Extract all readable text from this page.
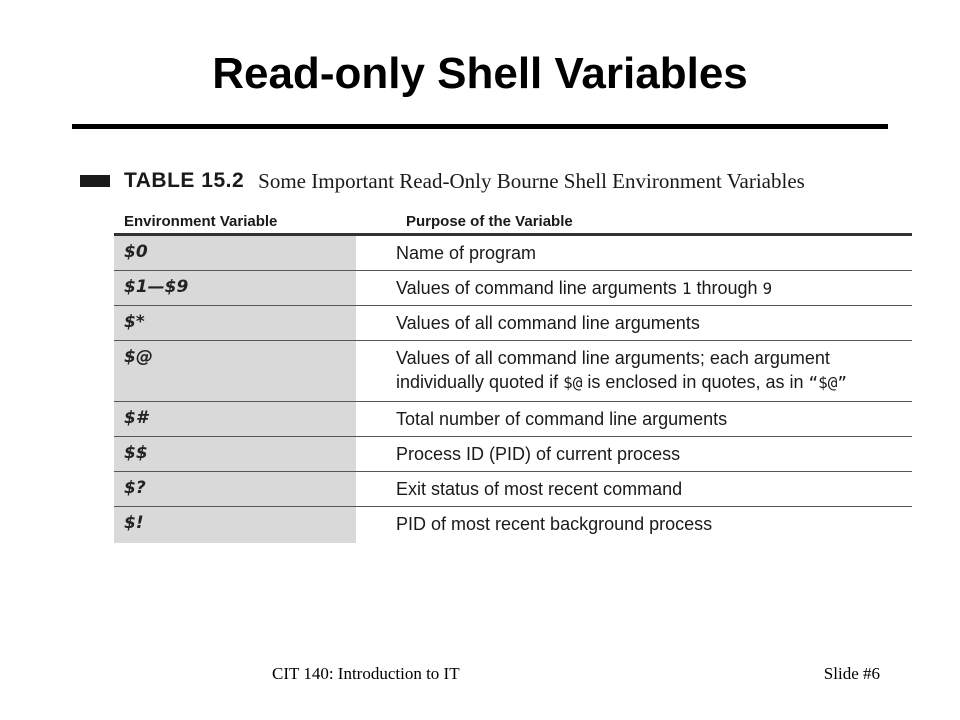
Read-only Shell Variables
TABLE 15.2 Some Important Read-Only Bourne Shell Environment Variables
Environment Variable	Purpose of the Variable
$0	Name of program
$1—$9	Values of command line arguments 1 through 9
$*	Values of all command line arguments
$@	Values of all command line arguments; each argument
individually quoted if $@ is enclosed in quotes, as in “$@”
$#	Total number of command line arguments
$$	Process ID (PID) of current process
$?	Exit status of most recent command
$!	PID of most recent background process
CIT 140: Introduction to IT	Slide #6
